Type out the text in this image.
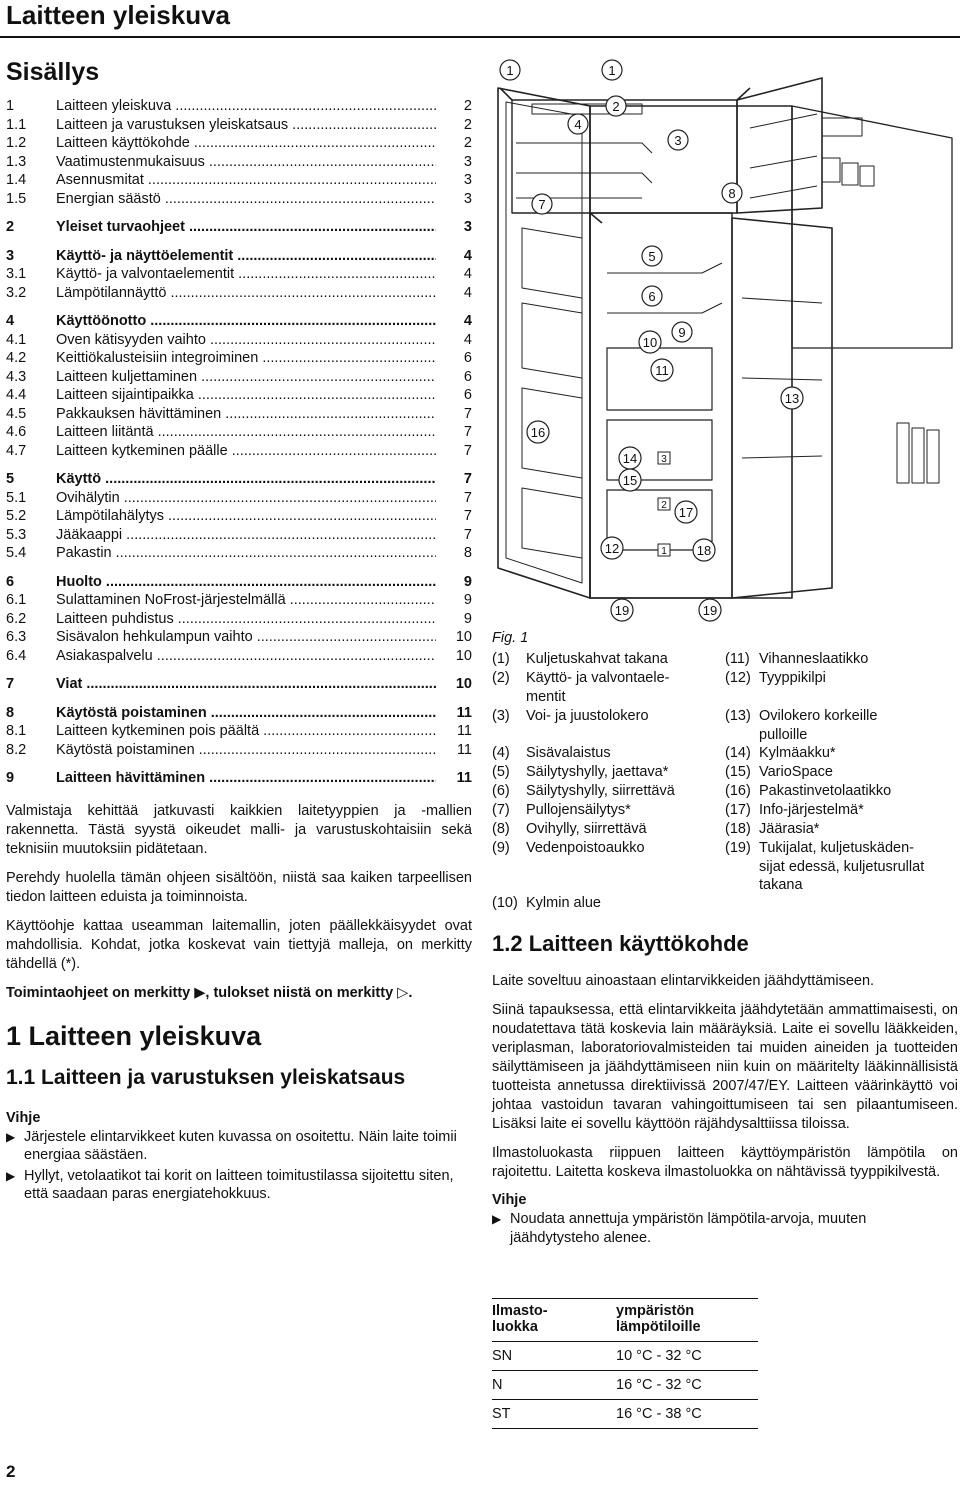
Laitteen yleiskuva
Sisällys
1	Laitteen yleiskuva .....	2
1.1	Laitteen ja varustuksen yleiskatsaus .....	2
1.2	Laitteen käyttökohde .....	2
1.3	Vaatimustenmukaisuus .....	3
1.4	Asennusmitat .....	3
1.5	Energian säästö .....	3
2	Yleiset turvaohjeet .....	3
3	Käyttö- ja näyttöelementit .....	4
3.1	Käyttö- ja valvontaelementit .....	4
3.2	Lämpötilannäyttö .....	4
4	Käyttöönotto .....	4
4.1	Oven kätisyyden vaihto .....	4
4.2	Keittiökalusteisiin integroiminen .....	6
4.3	Laitteen kuljettaminen .....	6
4.4	Laitteen sijaintipaikka .....	6
4.5	Pakkauksen hävittäminen .....	7
4.6	Laitteen liitäntä .....	7
4.7	Laitteen kytkeminen päälle .....	7
5	Käyttö .....	7
5.1	Ovihälytin .....	7
5.2	Lämpötilahälytys .....	7
5.3	Jääkaappi .....	7
5.4	Pakastin .....	8
6	Huolto .....	9
6.1	Sulattaminen NoFrost-järjestelmällä .....	9
6.2	Laitteen puhdistus .....	9
6.3	Sisävalon hehkulampun vaihto .....	10
6.4	Asiakaspalvelu .....	10
7	Viat .....	10
8	Käytöstä poistaminen .....	11
8.1	Laitteen kytkeminen pois päältä .....	11
8.2	Käytöstä poistaminen .....	11
9	Laitteen hävittäminen .....	11

Valmistaja kehittää jatkuvasti kaikkien laitetyyppien ja -mallien rakennetta. Tästä syystä oikeudet malli- ja varustuskohtaisiin sekä teknisiin muutoksiin pidätetaan.

Perehdy huolella tämän ohjeen sisältöön, niistä saa kaiken tarpeellisen tiedon laitteen eduista ja toiminnoista.

Käyttöohje kattaa useamman laitemallin, joten päällekkäisyydet ovat mahdollisia. Kohdat, jotka koskevat vain tiettyjä malleja, on merkitty tähdellä (*).

Toimintaohjeet on merkitty ▶, tulokset niistä on merkitty ▷.

1 Laitteen yleiskuva
1.1 Laitteen ja varustuksen yleiskatsaus
Vihje
▶ Järjestele elintarvikkeet kuten kuvassa on osoitettu. Näin laite toimii energiaa säästäen.
▶ Hyllyt, vetolaatikot tai korit on laitteen toimitustilassa sijoitettu siten, että saadaan paras energiatehokkuus.
1	1
2
3
4
5
6
7
8
9
10
11
12
13
14
15
16
17
18
19	19
3
2
1
Fig. 1
(1)	Kuljetuskahvat takana
(2)	Käyttö- ja valvontaele-
mentit
(3)	Voi- ja juustolokero
(4)	Sisävalaistus
(5)	Säilytyshylly, jaettava*
(6)	Säilytyshylly, siirrettävä
(7)	Pullojensäilytys*
(8)	Ovihylly, siirrettävä
(9)	Vedenpoistoaukko
(10) Kylmin alue
(11) Vihanneslaatikko
(12) Tyyppikilpi
(13) Ovilokero korkeille
pulloille
(14) Kylmäakku*
(15) VarioSpace
(16) Pakastinvetolaatikko
(17) Info-järjestelmä*
(18) Jäärasia*
(19) Tukijalat, kuljetuskäden-
sijat edessä, kuljetusrullat
takana
1.2 Laitteen käyttökohde

Laite soveltuu ainoastaan elintarvikkeiden jäähdyttämiseen.

Siinä tapauksessa, että elintarvikkeita jäähdytetään ammattimaisesti, on noudatettava tätä koskevia lain määräyksiä. Laite ei sovellu lääkkeiden, veriplasman, laboratoriovalmisteiden tai muiden aineiden ja tuotteiden säilyttämiseen ja jäähdyttämiseen niin kuin on määritelty lääkinnällisistä tuotteista annetussa direktiivissä 2007/47/EY. Laitteen väärinkäyttö voi johtaa vastoidun tavaran vahingoittumiseen tai sen pilaantumiseen. Lisäksi laite ei sovellu käyttöön räjähdysalttiissa tiloissa.

Ilmastoluokasta riippuen laitteen käyttöympäristön lämpötila on rajoitettu. Laitetta koskeva ilmastoluokka on nähtävissä tyyppikilvestä.

Vihje
▶ Noudata annettuja ympäristön lämpötila-arvoja, muuten jäähdytysteho alenee.
Ilmasto-
luokka	ympäristön lämpötiloille
SN	10 °C - 32 °C
N	16 °C - 32 °C
ST	16 °C - 38 °C
2
